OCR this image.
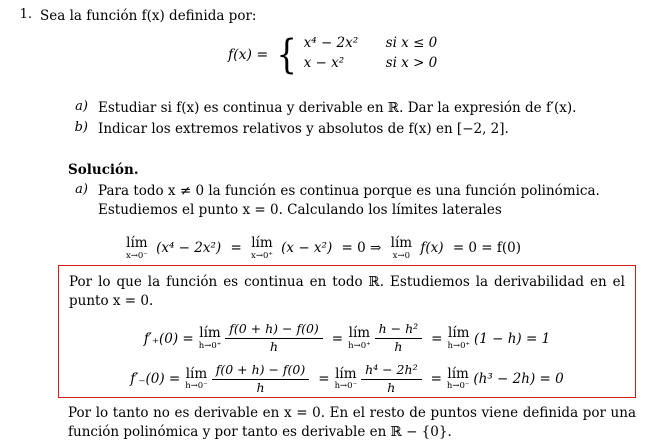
1. Sea la función f(x) definida por:
f(x) = { x⁴ − 2x²	si x ≤ 0
x − x²	si x > 0
a) Estudiar si f(x) es continua y derivable en ℝ. Dar la expresión de f′(x).
b) Indicar los extremos relativos y absolutos de f(x) en [−2, 2].
Solución.
a) Para todo x ≠ 0 la función es continua porque es una función polinómica. Estudiemos el punto x = 0. Calculando los límites laterales
lím
x→0⁻ (x⁴ − 2x²) = lím
x→0⁺ (x − x²) = 0 ⇒ lím
x→0 f(x) = 0 = f(0)
Por lo que la función es continua en todo ℝ. Estudiemos la derivabilidad en el punto x = 0.
f′₊(0) = lím
$h\to 0^+ \frac{f(0 + h) - f(0)}{h}$ = lím
$h\to 0^+ \frac{\text{h − h²}}{h}$ = lím
h→0⁺ (1 − h) = 1
f′₋(0) = lím
$h\to 0^- \frac{f(0 + h) - f(0)}{h}$ = lím
$h\to 0^- \frac{\text{h⁴ − 2h²}}{h}$ = lím
h→0⁻ (h³ − 2h) = 0
Por lo tanto no es derivable en x = 0. En el resto de puntos viene definida por una función polinómica y por tanto es derivable en ℝ − {0}.
